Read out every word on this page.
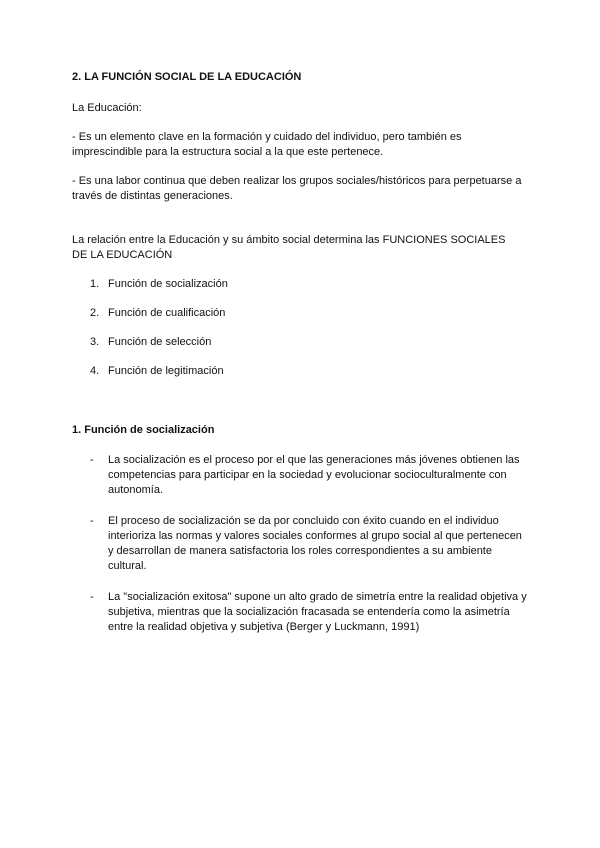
2. LA FUNCIÓN SOCIAL DE LA EDUCACIÓN
La Educación:
- Es un elemento clave en la formación y cuidado del individuo, pero también es imprescindible para la estructura social a la que este pertenece.
- Es una labor continua que deben realizar los grupos sociales/históricos para perpetuarse a través de distintas generaciones.
La relación entre la Educación y su ámbito social determina las FUNCIONES SOCIALES DE LA EDUCACIÓN
1. Función de socialización
2. Función de cualificación
3. Función de selección
4. Función de legitimación
1. Función de socialización
- La socialización es el proceso por el que las generaciones más jóvenes obtienen las competencias para participar en la sociedad y evolucionar socioculturalmente con autonomía.
- El proceso de socialización se da por concluido con éxito cuando en el individuo interioriza las normas y valores sociales conformes al grupo social al que pertenecen y desarrollan de manera satisfactoria los roles correspondientes a su ambiente cultural.
- La "socialización exitosa" supone un alto grado de simetría entre la realidad objetiva y subjetiva, mientras que la socialización fracasada se entendería como la asimetría entre la realidad objetiva y subjetiva (Berger y Luckmann, 1991)
